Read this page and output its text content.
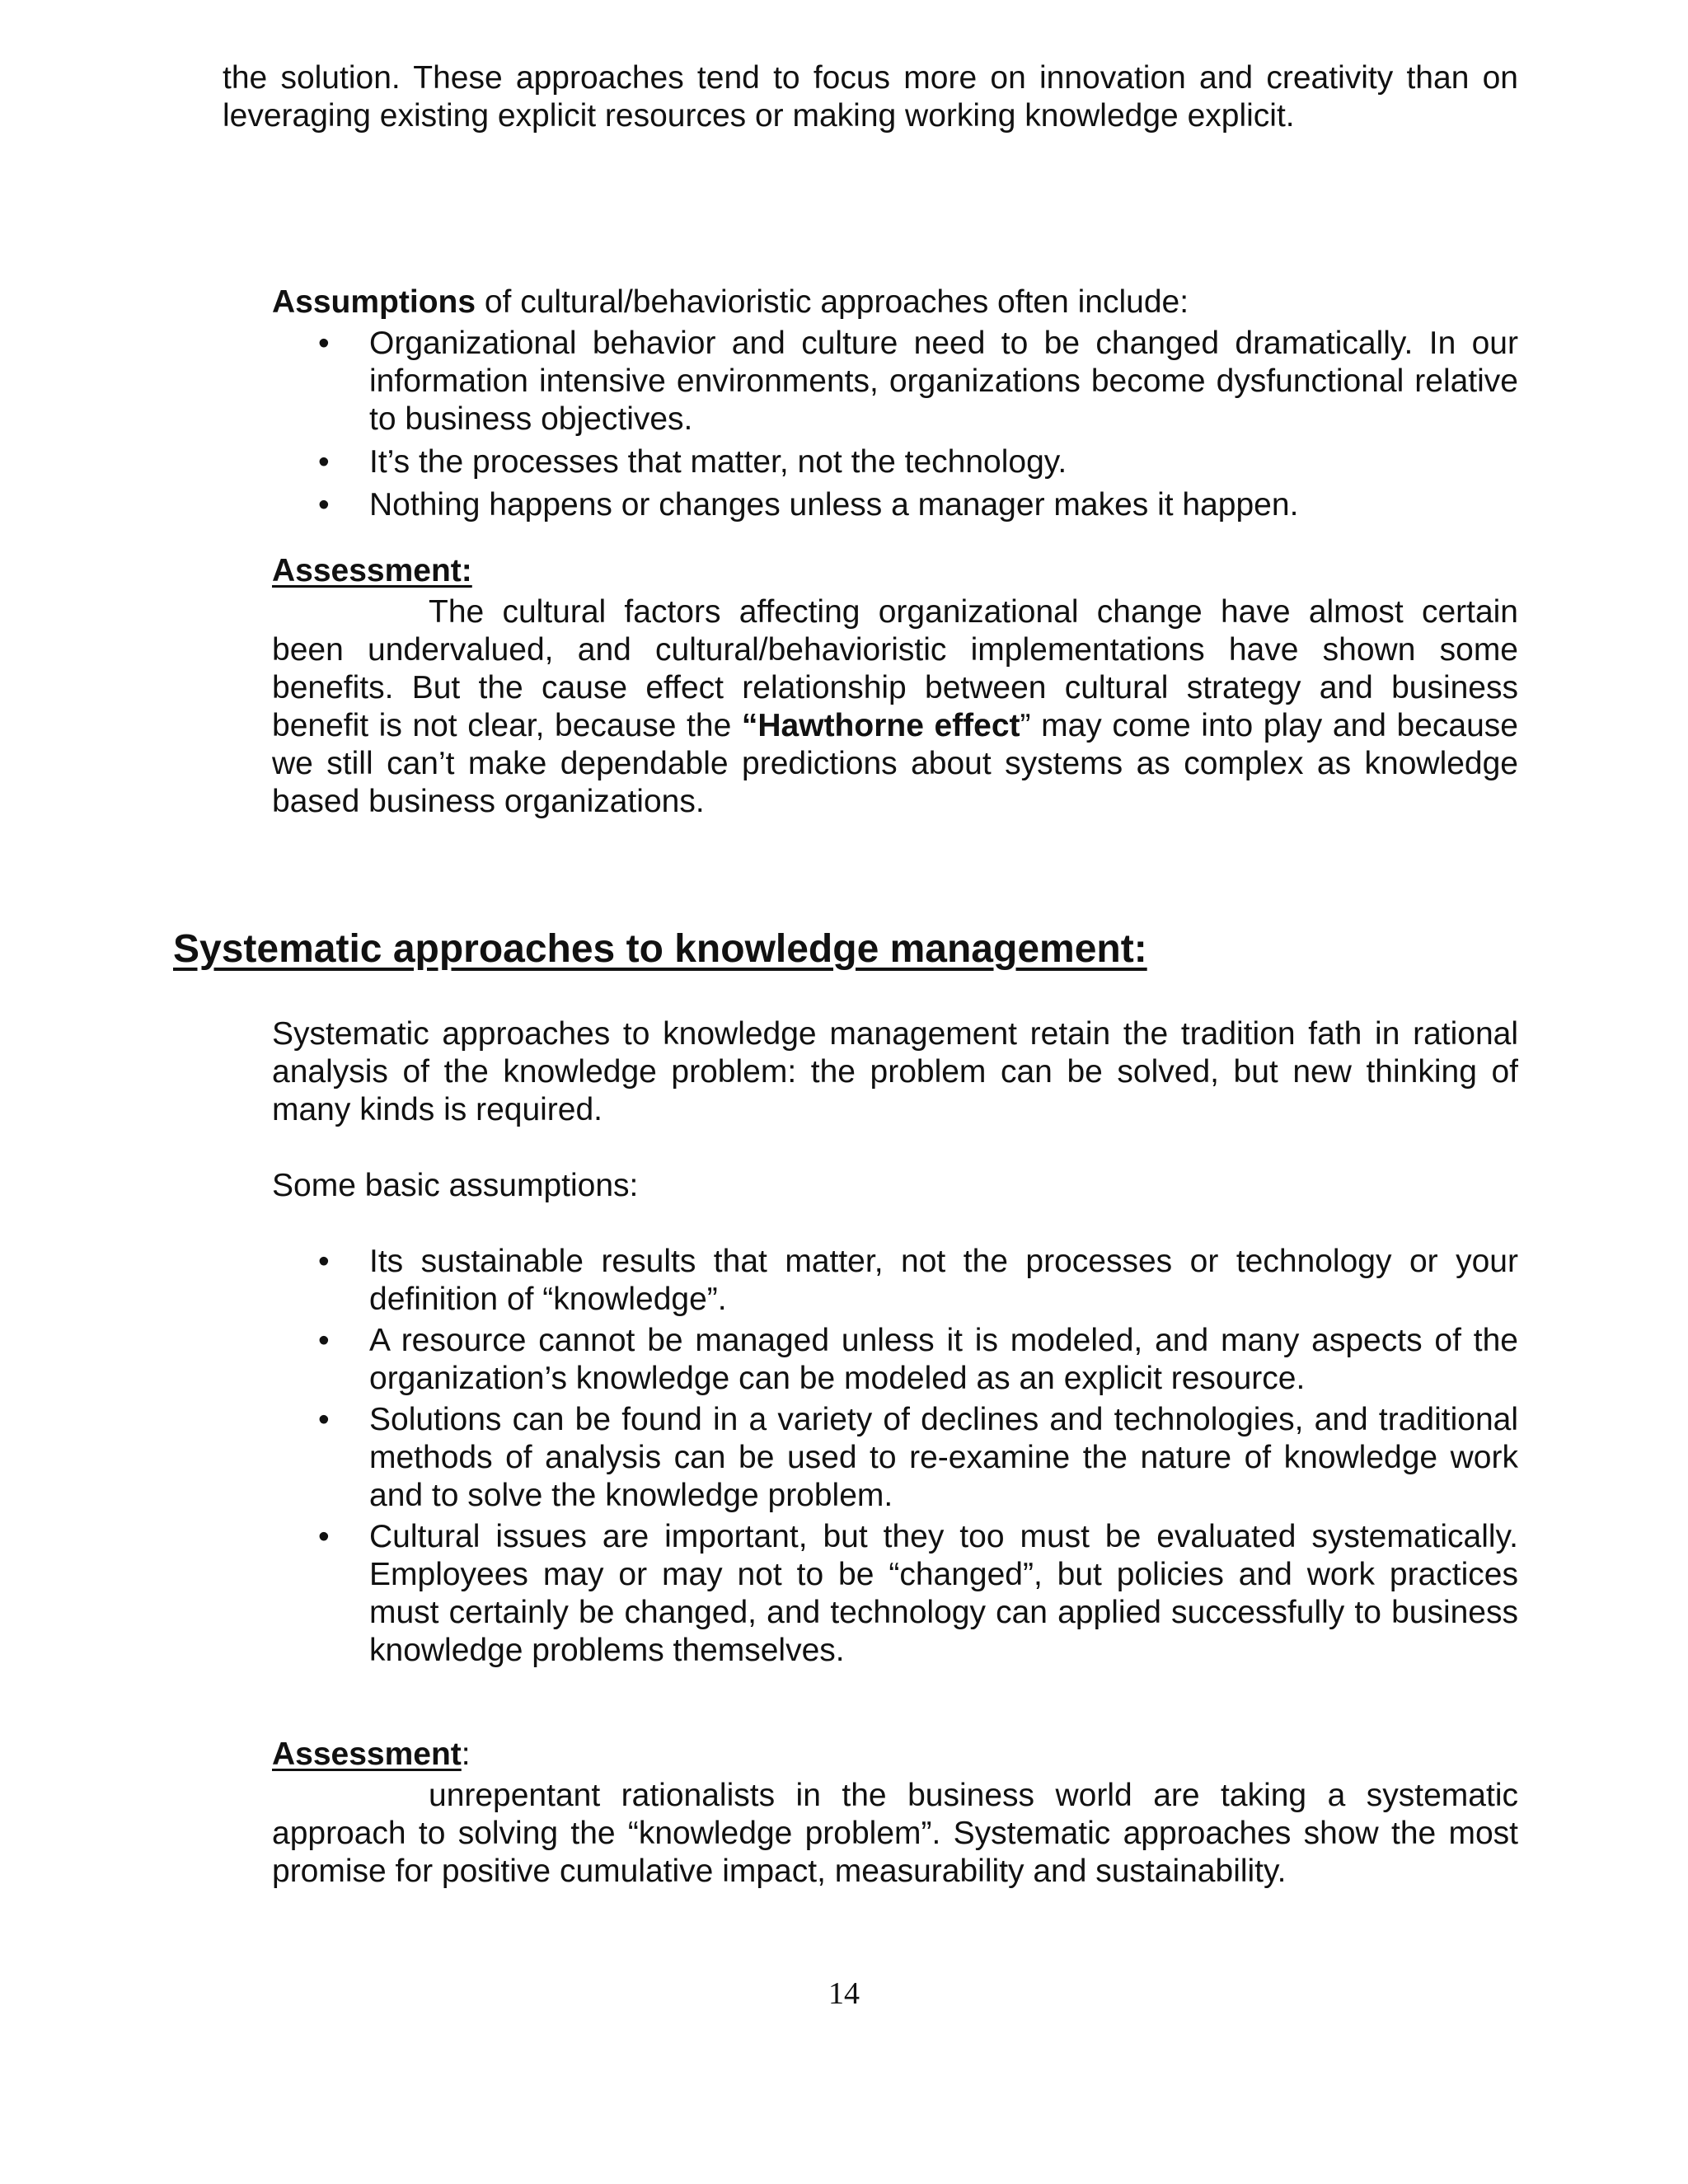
the solution. These approaches tend to focus more on innovation and creativity than on leveraging existing explicit resources or making working knowledge explicit.

Assumptions of cultural/behavioristic approaches often include:

• Organizational behavior and culture need to be changed dramatically. In our information intensive environments, organizations become dysfunctional relative to business objectives.
• It’s the processes that matter, not the technology.
• Nothing happens or changes unless a manager makes it happen.
Assessment:

The cultural factors affecting organizational change have almost certain been undervalued, and cultural/behavioristic implementations have shown some benefits. But the cause effect relationship between cultural strategy and business benefit is not clear, because the “Hawthorne effect” may come into play and because we still can’t make dependable predictions about systems as complex as knowledge based business organizations.

Systematic approaches to knowledge management:

Systematic approaches to knowledge management retain the tradition fath in rational analysis of the knowledge problem: the problem can be solved, but new thinking of many kinds is required.

Some basic assumptions:

• Its sustainable results that matter, not the processes or technology or your definition of “knowledge”.
• A resource cannot be managed unless it is modeled, and many aspects of the organization’s knowledge can be modeled as an explicit resource.
• Solutions can be found in a variety of declines and technologies, and traditional methods of analysis can be used to re-examine the nature of knowledge work and to solve the knowledge problem.
• Cultural issues are important, but they too must be evaluated systematically. Employees may or may not to be “changed”, but policies and work practices must certainly be changed, and technology can applied successfully to business knowledge problems themselves.
Assessment:

unrepentant rationalists in the business world are taking a systematic approach to solving the “knowledge problem”. Systematic approaches show the most promise for positive cumulative impact, measurability and sustainability.

14
